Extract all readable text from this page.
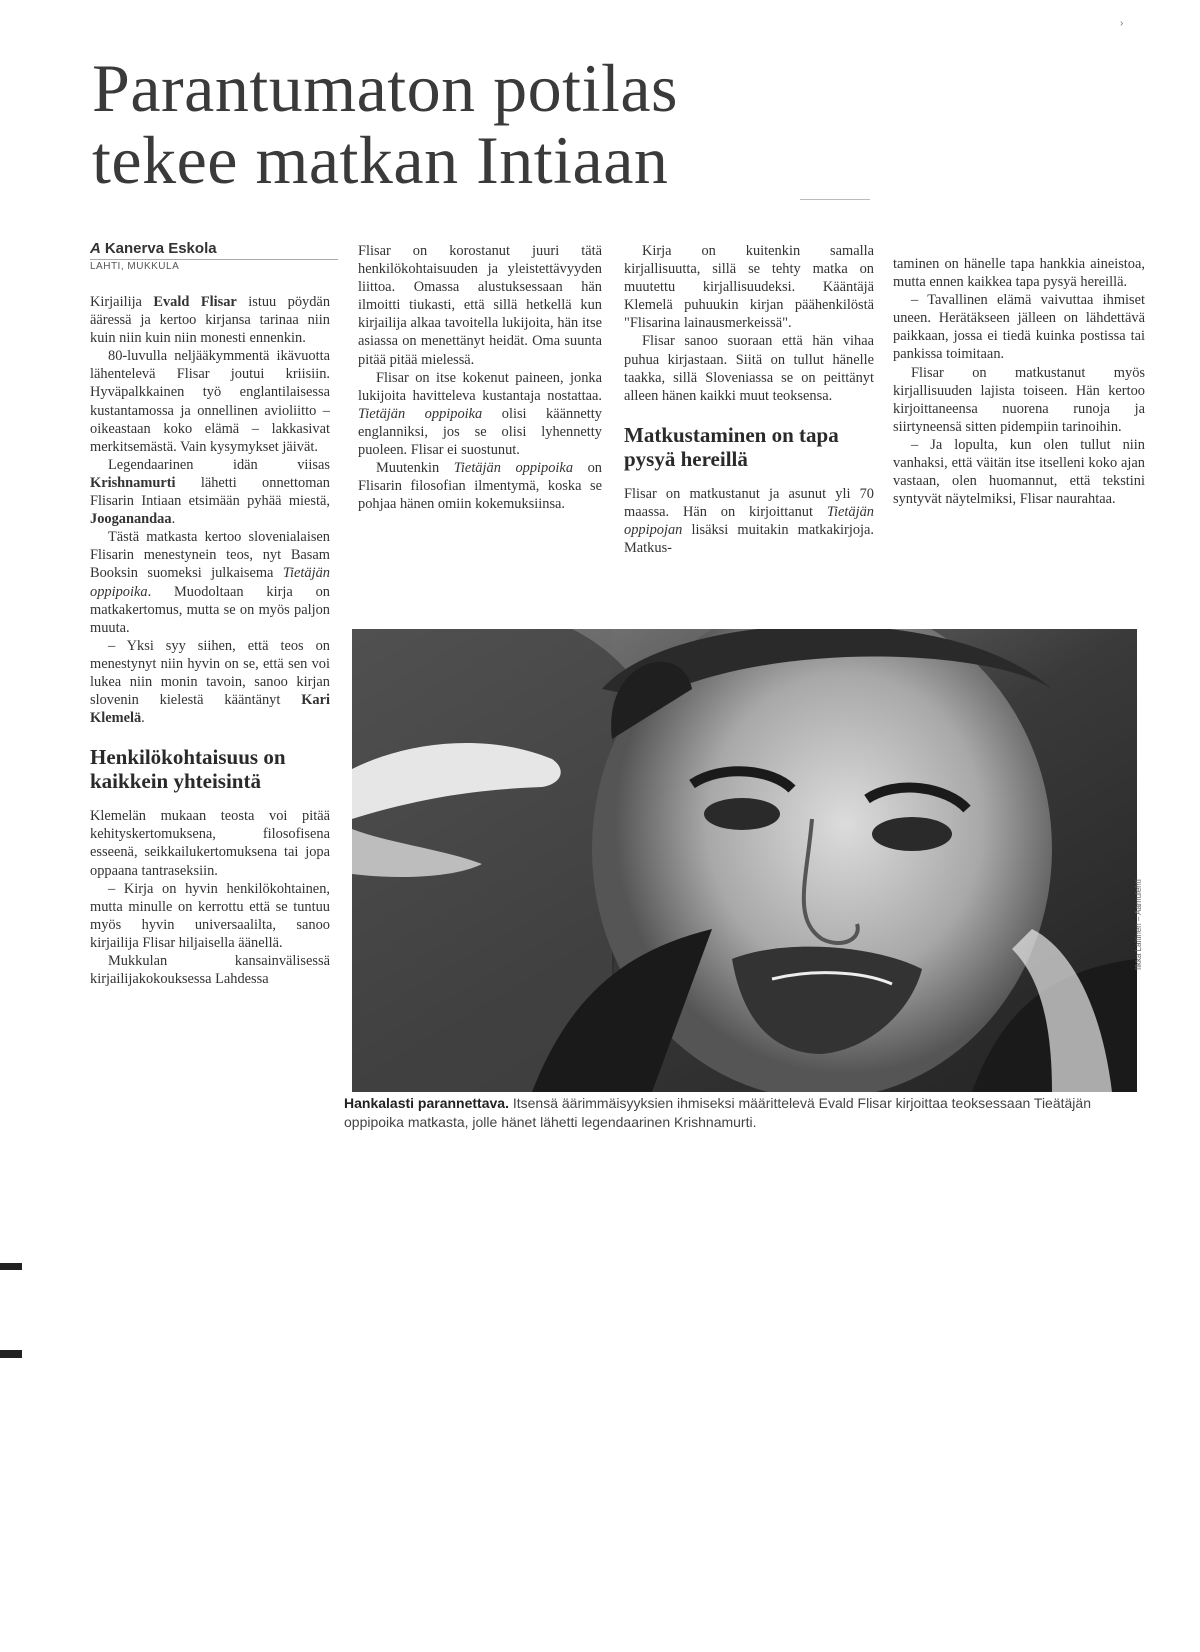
›
Parantumaton potilas
tekee matkan Intiaan
A Kanerva Eskola
LAHTI, MUKKULA

Kirjailija Evald Flisar istuu pöydän ääressä ja kertoo kirjansa tarinaa niin kuin niin kuin niin monesti ennenkin.

80-luvulla neljääkymmentä ikävuotta lähentelevä Flisar joutui kriisiin. Hyväpalkkainen työ englantilaisessa kustantamossa ja onnellinen avioliitto – oikeastaan koko elämä – lakkasivat merkitsemästä. Vain kysymykset jäivät.

Legendaarinen idän viisas Krishnamurti lähetti onnettoman Flisarin Intiaan etsimään pyhää miestä, Jooganandaa.

Tästä matkasta kertoo slovenialaisen Flisarin menestynein teos, nyt Basam Booksin suomeksi julkaisema Tietäjän oppipoika. Muodoltaan kirja on matkakertomus, mutta se on myös paljon muuta.

– Yksi syy siihen, että teos on menestynyt niin hyvin on se, että sen voi lukea niin monin tavoin, sanoo kirjan slovenin kielestä kääntänyt Kari Klemelä.

Henkilökohtaisuus on kaikkein yhteisintä

Klemelän mukaan teosta voi pitää kehityskertomuksena, filosofisena esseenä, seikkailukertomuksena tai jopa oppaana tantraseksiin.

– Kirja on hyvin henkilökohtainen, mutta minulle on kerrottu että se tuntuu myös hyvin universaalilta, sanoo kirjailija Flisar hiljaisella äänellä.

Mukkulan kansainvälisessä kirjailijakokouksessa Lahdessa

Flisar on korostanut juuri tätä henkilökohtaisuuden ja yleistettävyyden liittoa. Omassa alustuksessaan hän ilmoitti tiukasti, että sillä hetkellä kun kirjailija alkaa tavoitella lukijoita, hän itse asiassa on menettänyt heidät. Oma suunta pitää pitää mielessä.

Flisar on itse kokenut paineen, jonka lukijoita havitteleva kustantaja nostattaa. Tietäjän oppipoika olisi käännetty englanniksi, jos se olisi lyhennetty puoleen. Flisar ei suostunut.

Muutenkin Tietäjän oppipoika on Flisarin filosofian ilmentymä, koska se pohjaa hänen omiin kokemuksiinsa.

Kirja on kuitenkin samalla kirjallisuutta, sillä se tehty matka on muutettu kirjallisuudeksi. Kääntäjä Klemelä puhuukin kirjan päähenkilöstä "Flisarina lainausmerkeissä".

Flisar sanoo suoraan että hän vihaa puhua kirjastaan. Siitä on tullut hänelle taakka, sillä Sloveniassa se on peittänyt alleen hänen kaikki muut teoksensa.

Matkustaminen on tapa pysyä hereillä

Flisar on matkustanut ja asunut yli 70 maassa. Hän on kirjoittanut Tietäjän oppipojan lisäksi muitakin matkakirjoja. Matkus-

taminen on hänelle tapa hankkia aineistoa, mutta ennen kaikkea tapa pysyä hereillä.

– Tavallinen elämä vaivuttaa ihmiset uneen. Herätäkseen jälleen on lähdettävä paikkaan, jossa ei tiedä kuinka postissa tai pankissa toimitaan.

Flisar on matkustanut myös kirjallisuuden lajista toiseen. Hän kertoo kirjoittaneensa nuorena runoja ja siirtyneensä sitten pidempiin tarinoihin.

– Ja lopulta, kun olen tullut niin vanhaksi, että väitän itse itselleni koko ajan vastaan, olen huomannut, että tekstini syntyvät näytelmiksi, Flisar naurahtaa.

Ilkka Laitinen – Aamulehti
Hankalasti parannettava. Itsensä äärimmäisyyksien ihmiseksi määrittelevä Evald Flisar kirjoittaa teoksessaan Tieätäjän oppipoika matkasta, jolle hänet lähetti legendaarinen Krishnamurti.
